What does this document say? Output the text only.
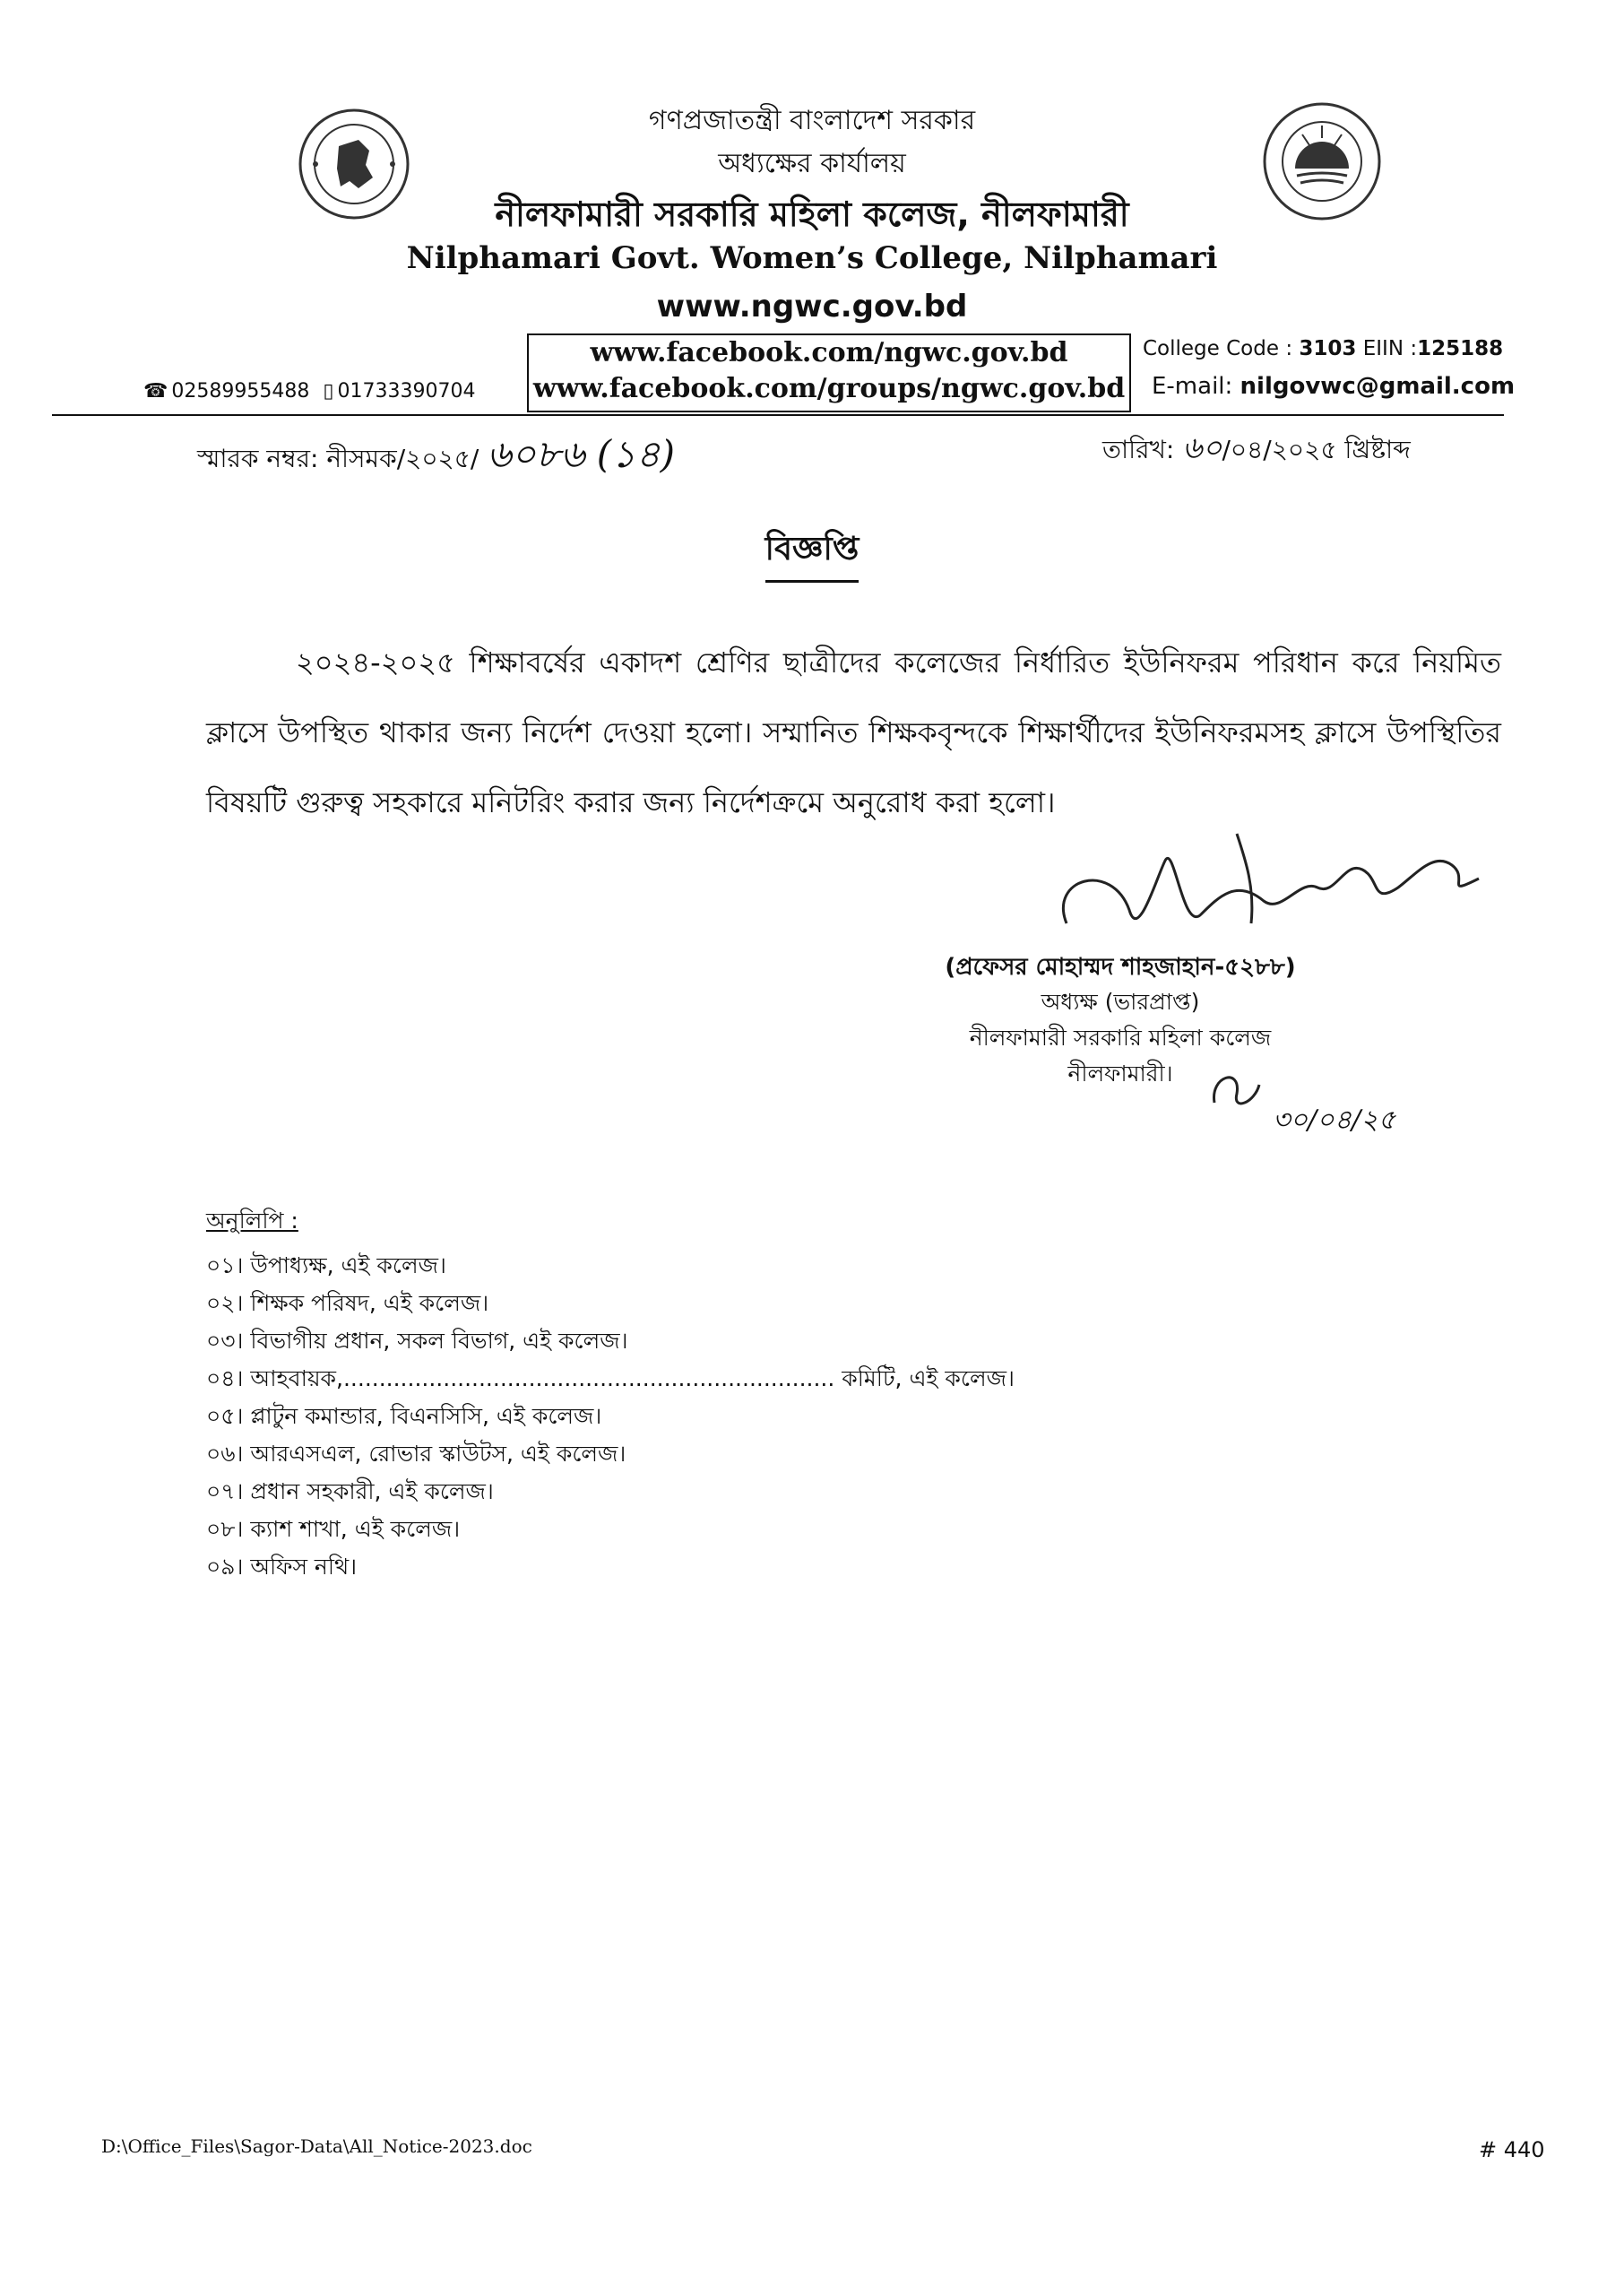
গণপ্রজাতন্ত্রী বাংলাদেশ সরকার
অধ্যক্ষের কার্যালয়
নীলফামারী সরকারি মহিলা কলেজ, নীলফামারী
Nilphamari Govt. Women’s College, Nilphamari
www.ngwc.gov.bd
www.facebook.com/ngwc.gov.bd
www.facebook.com/groups/ngwc.gov.bd
☎ 02589955488 ▯ 01733390704
College Code : 3103 EIIN :125188
E-mail: nilgovwc@gmail.com
স্মারক নম্বর: নীসমক/২০২৫/ ৬০৮৬ (১৪)	তারিখ: ৬০/০৪/২০২৫ খ্রিষ্টাব্দ
বিজ্ঞপ্তি
২০২৪-২০২৫ শিক্ষাবর্ষের একাদশ শ্রেণির ছাত্রীদের কলেজের নির্ধারিত ইউনিফরম পরিধান করে নিয়মিত ক্লাসে উপস্থিত থাকার জন্য নির্দেশ দেওয়া হলো। সম্মানিত শিক্ষকবৃন্দকে শিক্ষার্থীদের ইউনিফরমসহ ক্লাসে উপস্থিতির বিষয়টি গুরুত্ব সহকারে মনিটরিং করার জন্য নির্দেশক্রমে অনুরোধ করা হলো।
(প্রফেসর মোহাম্মদ শাহজাহান-৫২৮৮)
অধ্যক্ষ (ভারপ্রাপ্ত)
নীলফামারী সরকারি মহিলা কলেজ
নীলফামারী।
৩০/০৪/২৫
অনুলিপি :
০১। উপাধ্যক্ষ, এই কলেজ।
০২। শিক্ষক পরিষদ, এই কলেজ।
০৩। বিভাগীয় প্রধান, সকল বিভাগ, এই কলেজ।
০৪। আহবায়ক,..................................................................... কমিটি, এই কলেজ।
০৫। প্লাটুন কমান্ডার, বিএনসিসি, এই কলেজ।
০৬। আরএসএল, রোভার স্কাউটস, এই কলেজ।
০৭। প্রধান সহকারী, এই কলেজ।
০৮। ক্যাশ শাখা, এই কলেজ।
০৯। অফিস নথি।
D:\Office_Files\Sagor-Data\All_Notice-2023.doc	# 440
